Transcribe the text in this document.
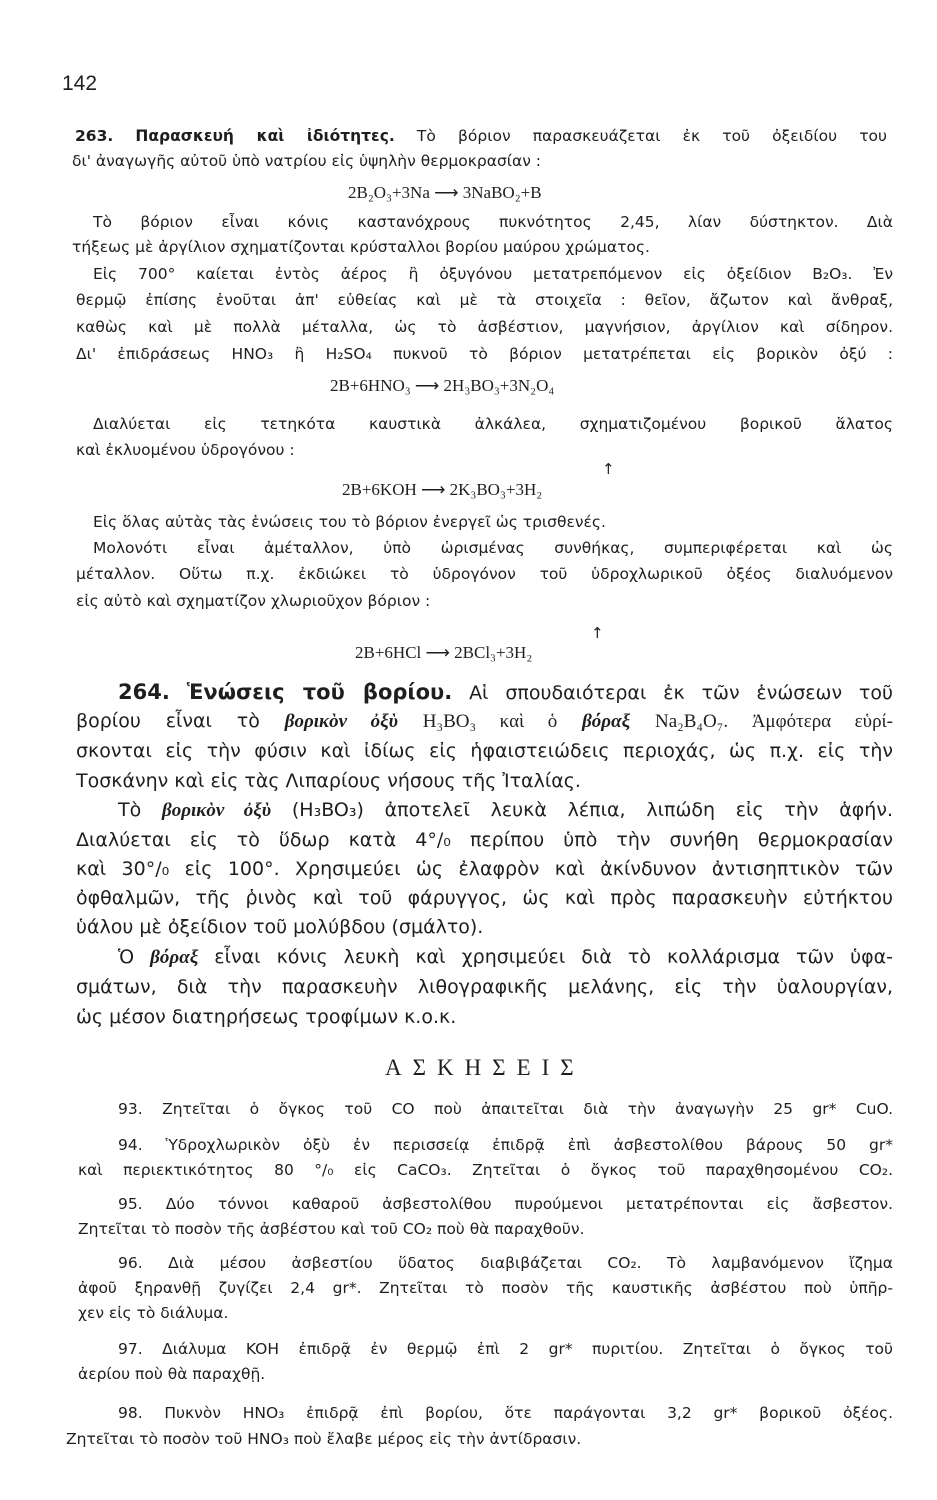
142
263. Παρασκευή καὶ ἰδιότητες. Τὸ βόριον παρασκευάζεται ἐκ τοῦ ὀξειδίου του
δι' ἀναγωγῆς αὐτοῦ ὑπὸ νατρίου εἰς ὑψηλὴν θερμοκρασίαν :
2B₂O₃+3Na ⟶ 3NaBO₂+B
Τὸ βόριον εἶναι κόνις καστανόχρους πυκνότητος 2,45, λίαν δύστηκτον. Διὰ
τήξεως μὲ ἀργίλιον σχηματίζονται κρύσταλλοι βορίου μαύρου χρώματος.
Εἰς 700° καίεται ἐντὸς ἀέρος ἢ ὀξυγόνου μετατρεπόμενον εἰς ὀξείδιον B₂O₃. Ἐν
θερμῷ ἐπίσης ἑνοῦται ἀπ' εὐθείας καὶ μὲ τὰ στοιχεῖα : θεῖον, ἄζωτον καὶ ἄνθραξ,
καθὼς καὶ μὲ πολλὰ μέταλλα, ὡς τὸ ἀσβέστιον, μαγνήσιον, ἀργίλιον καὶ σίδηρον.
Δι' ἐπιδράσεως HNO₃ ἢ H₂SO₄ πυκνοῦ τὸ βόριον μετατρέπεται εἰς βορικὸν ὀξύ :
2B+6HNO₃ ⟶ 2H₃BO₃+3N₂O₄
Διαλύεται εἰς τετηκότα καυστικὰ ἀλκάλεα, σχηματιζομένου βορικοῦ ἅλατος
καὶ ἐκλυομένου ὑδρογόνου :
↑
2B+6KOH ⟶ 2K₃BO₃+3H₂
Εἰς ὅλας αὐτὰς τὰς ἑνώσεις του τὸ βόριον ἐνεργεῖ ὡς τρισθενές.
Μολονότι εἶναι ἀμέταλλον, ὑπὸ ὡρισμένας συνθήκας, συμπεριφέρεται καὶ ὡς
μέταλλον. Οὕτω π.χ. ἐκδιώκει τὸ ὑδρογόνον τοῦ ὑδροχλωρικοῦ ὀξέος διαλυόμενον
εἰς αὐτὸ καὶ σχηματίζον χλωριοῦχον βόριον :
↑
2B+6HCl ⟶ 2BCl₃+3H₂
264. Ἑνώσεις τοῦ βορίου. Αἱ σπουδαιότεραι ἐκ τῶν ἑνώσεων τοῦ
βορίου εἶναι τὸ βορικὸν ὀξὺ H₃BO₃ καὶ ὁ βόραξ Na₂B₄O₇. Ἀμφότερα εὑρί-
σκονται εἰς τὴν φύσιν καὶ ἰδίως εἰς ἡφαιστειώδεις περιοχάς, ὡς π.χ. εἰς τὴν
Τοσκάνην καὶ εἰς τὰς Λιπαρίους νήσους τῆς Ἰταλίας.
Τὸ βορικὸν ὀξὺ (H₃BO₃) ἀποτελεῖ λευκὰ λέπια, λιπώδη εἰς τὴν ἁφήν.
Διαλύεται εἰς τὸ ὕδωρ κατὰ 4°/₀ περίπου ὑπὸ τὴν συνήθη θερμοκρασίαν
καὶ 30°/₀ εἰς 100°. Χρησιμεύει ὡς ἐλαφρὸν καὶ ἀκίνδυνον ἀντισηπτικὸν τῶν
ὀφθαλμῶν, τῆς ῥινὸς καὶ τοῦ φάρυγγος, ὡς καὶ πρὸς παρασκευὴν εὐτήκτου
ὑάλου μὲ ὀξείδιον τοῦ μολύβδου (σμάλτο).
Ὁ βόραξ εἶναι κόνις λευκὴ καὶ χρησιμεύει διὰ τὸ κολλάρισμα τῶν ὑφα-
σμάτων, διὰ τὴν παρασκευὴν λιθογραφικῆς μελάνης, εἰς τὴν ὑαλουργίαν,
ὡς μέσον διατηρήσεως τροφίμων κ.ο.κ.
ΑΣΚΗΣΕΙΣ
93. Ζητεῖται ὁ ὄγκος τοῦ CO ποὺ ἀπαιτεῖται διὰ τὴν ἀναγωγὴν 25 gr* CuO.
94. Ὑδροχλωρικὸν ὀξὺ ἐν περισσείᾳ ἐπιδρᾷ ἐπὶ ἀσβεστολίθου βάρους 50 gr*
καὶ περιεκτικότητος 80 °/₀ εἰς CaCO₃. Ζητεῖται ὁ ὄγκος τοῦ παραχθησομένου CO₂.
95. Δύο τόννοι καθαροῦ ἀσβεστολίθου πυρούμενοι μετατρέπονται εἰς ἄσβεστον.
Ζητεῖται τὸ ποσὸν τῆς ἀσβέστου καὶ τοῦ CO₂ ποὺ θὰ παραχθοῦν.
96. Διὰ μέσου ἀσβεστίου ὕδατος διαβιβάζεται CO₂. Τὸ λαμβανόμενον ἴζημα
ἀφοῦ ξηρανθῇ ζυγίζει 2,4 gr*. Ζητεῖται τὸ ποσὸν τῆς καυστικῆς ἀσβέστου ποὺ ὑπῆρ-
χεν εἰς τὸ διάλυμα.
97. Διάλυμα KOH ἐπιδρᾷ ἐν θερμῷ ἐπὶ 2 gr* πυριτίου. Ζητεῖται ὁ ὄγκος τοῦ
ἀερίου ποὺ θὰ παραχθῇ.
98. Πυκνὸν HNO₃ ἐπιδρᾷ ἐπὶ βορίου, ὅτε παράγονται 3,2 gr* βορικοῦ ὀξέος.
Ζητεῖται τὸ ποσὸν τοῦ HNO₃ ποὺ ἔλαβε μέρος εἰς τὴν ἀντίδρασιν.
